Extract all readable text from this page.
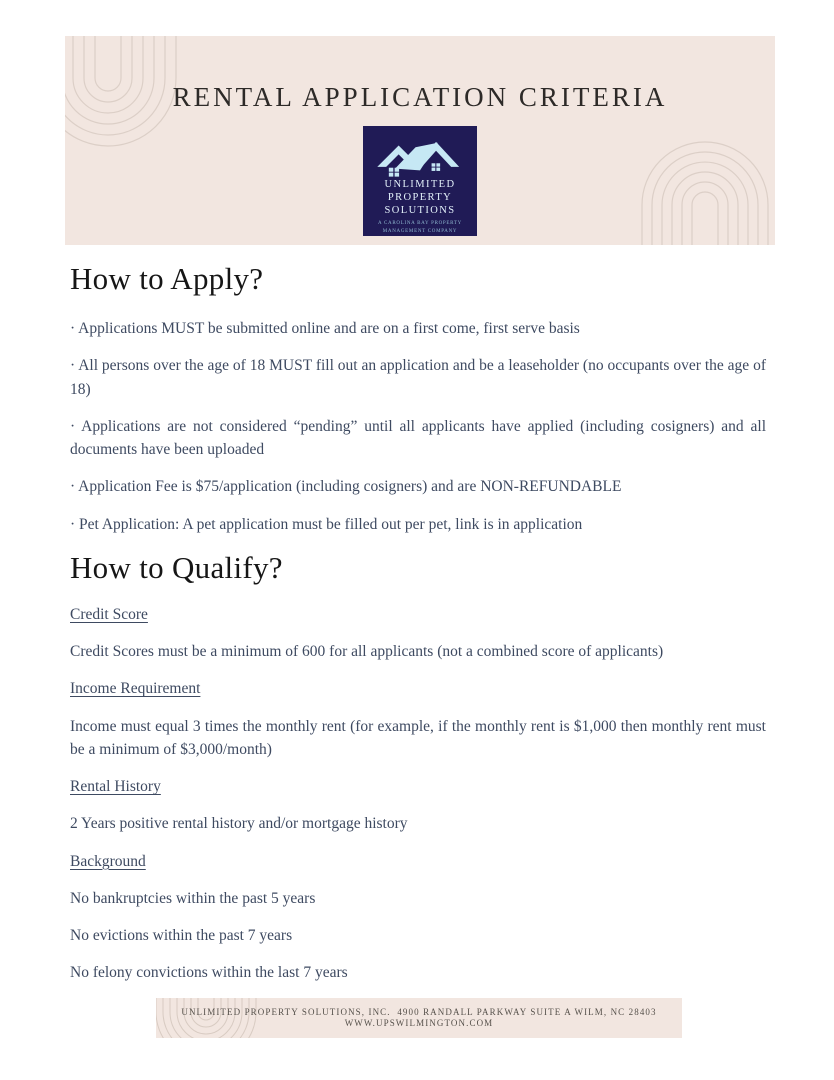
RENTAL APPLICATION CRITERIA
UNLIMITED
PROPERTY
SOLUTIONS
A CAROLINA BAY PROPERTY MANAGEMENT COMPANY
How to Apply?

· Applications MUST be submitted online and are on a first come, first serve basis

· All persons over the age of 18 MUST fill out an application and be a leaseholder (no occupants over the age of 18)

· Applications are not considered “pending” until all applicants have applied (including cosigners) and all documents have been uploaded

· Application Fee is $75/application (including cosigners) and are NON-REFUNDABLE

· Pet Application: A pet application must be filled out per pet, link is in application

How to Qualify?

Credit Score

Credit Scores must be a minimum of 600 for all applicants (not a combined score of applicants)

Income Requirement

Income must equal 3 times the monthly rent (for example, if the monthly rent is $1,000 then monthly rent must be a minimum of $3,000/month)

Rental History

2 Years positive rental history and/or mortgage history

Background

No bankruptcies within the past 5 years

No evictions within the past 7 years

No felony convictions within the last 7 years

UNLIMITED PROPERTY SOLUTIONS, INC.  4900 RANDALL PARKWAY SUITE A WILM, NC 28403
WWW.UPSWILMINGTON.COM
